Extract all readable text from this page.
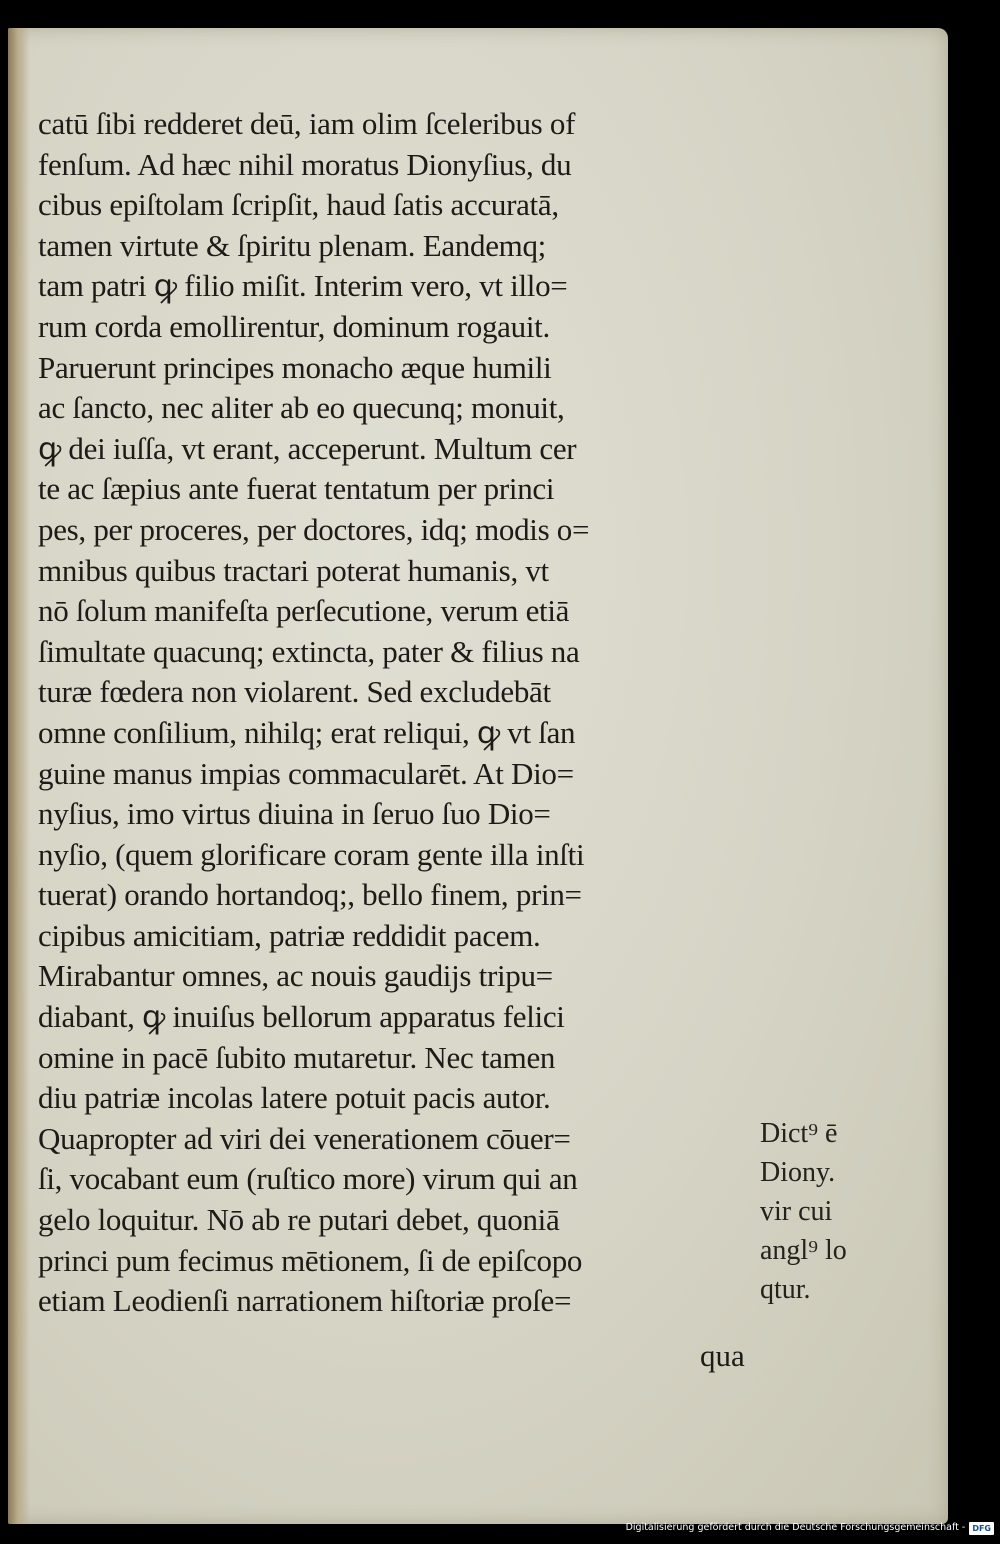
catū ſibi redderet deū, iam olim ſceleribus of
fenſum. Ad hæc nihil moratus Dionyſius, du
cibus epiſtolam ſcripſit, haud ſatis accuratā,
tamen virtute & ſpiritu plenam. Eandemq;
tam patri ꝙ filio miſit. Interim vero, vt illo=
rum corda emollirentur, dominum rogauit.
Paruerunt principes monacho æque humili
ac ſancto, nec aliter ab eo quecunq; monuit,
ꝙ dei iuſſa, vt erant, acceperunt. Multum cer
te ac ſæpius ante fuerat tentatum per princi
pes, per proceres, per doctores, idq; modis o=
mnibus quibus tractari poterat humanis, vt
nō ſolum manifeſta perſecutione, verum etiā
ſimultate quacunq; extincta, pater & filius na
turæ fœdera non violarent. Sed excludebāt
omne conſilium, nihilq; erat reliqui, ꝙ vt ſan
guine manus impias commacularēt. At Dio=
nyſius, imo virtus diuina in ſeruo ſuo Dio=
nyſio, (quem glorificare coram gente illa inſti
tuerat) orando hortandoq;, bello finem, prin=
cipibus amicitiam, patriæ reddidit pacem.
Mirabantur omnes, ac nouis gaudijs tripu=
diabant, ꝙ inuiſus bellorum apparatus felici
omine in pacē ſubito mutaretur. Nec tamen
diu patriæ incolas latere potuit pacis autor.
Quapropter ad viri dei venerationem cōuer=
ſi, vocabant eum (ruſtico more) virum qui an
gelo loquitur. Nō ab re putari debet, quoniā
princi pum fecimus mētionem, ſi de epiſcopo
etiam Leodienſi narrationem hiſtoriæ proſe=
Dict⁹ ē
Diony.
vir cui
angl⁹ lo
qtur.
qua
Digitalisierung gefördert durch die Deutsche Forschungsgemeinschaft - DFG
